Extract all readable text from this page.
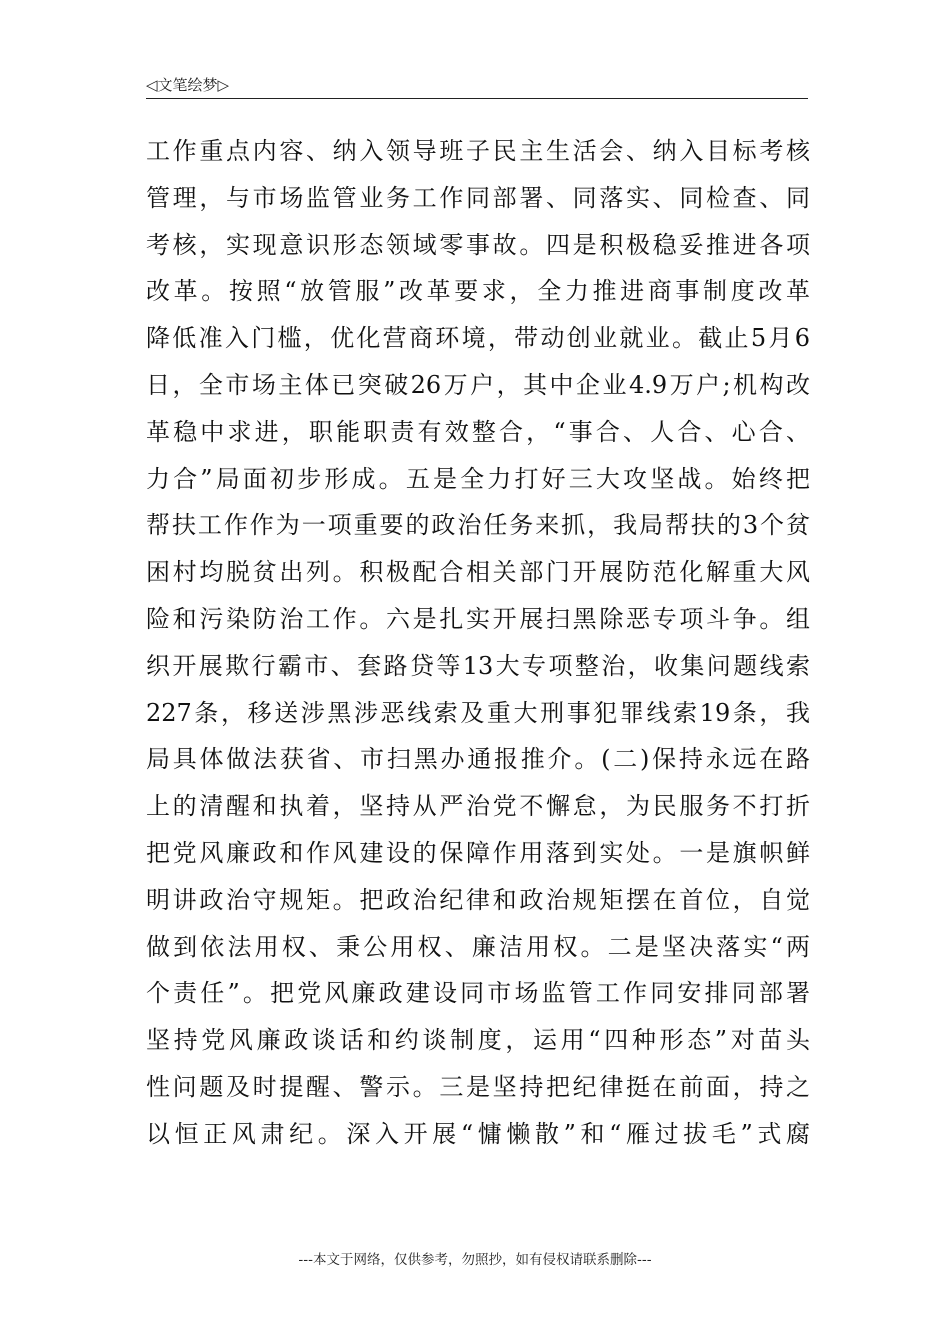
◁文笔绘梦▷
工作重点内容、纳入领导班子民主生活会、纳入目标考核
管理，与市场监管业务工作同部署、同落实、同检查、同
考核，实现意识形态领域零事故。四是积极稳妥推进各项
改革。按照“放管服”改革要求，全力推进商事制度改革
降低准入门槛，优化营商环境，带动创业就业。截止5月6
日，全市场主体已突破26万户，其中企业4.9万户;机构改
革稳中求进，职能职责有效整合，“事合、人合、心合、
力合”局面初步形成。五是全力打好三大攻坚战。始终把
帮扶工作作为一项重要的政治任务来抓，我局帮扶的3个贫
困村均脱贫出列。积极配合相关部门开展防范化解重大风
险和污染防治工作。六是扎实开展扫黑除恶专项斗争。组
织开展欺行霸市、套路贷等13大专项整治，收集问题线索
227条，移送涉黑涉恶线索及重大刑事犯罪线索19条，我
局具体做法获省、市扫黑办通报推介。(二)保持永远在路
上的清醒和执着，坚持从严治党不懈怠，为民服务不打折
把党风廉政和作风建设的保障作用落到实处。一是旗帜鲜
明讲政治守规矩。把政治纪律和政治规矩摆在首位，自觉
做到依法用权、秉公用权、廉洁用权。二是坚决落实“两
个责任”。把党风廉政建设同市场监管工作同安排同部署
坚持党风廉政谈话和约谈制度，运用“四种形态”对苗头
性问题及时提醒、警示。三是坚持把纪律挺在前面，持之
以恒正风肃纪。深入开展“慵懒散”和“雁过拔毛”式腐
---本文于网络，仅供参考，勿照抄，如有侵权请联系删除---
